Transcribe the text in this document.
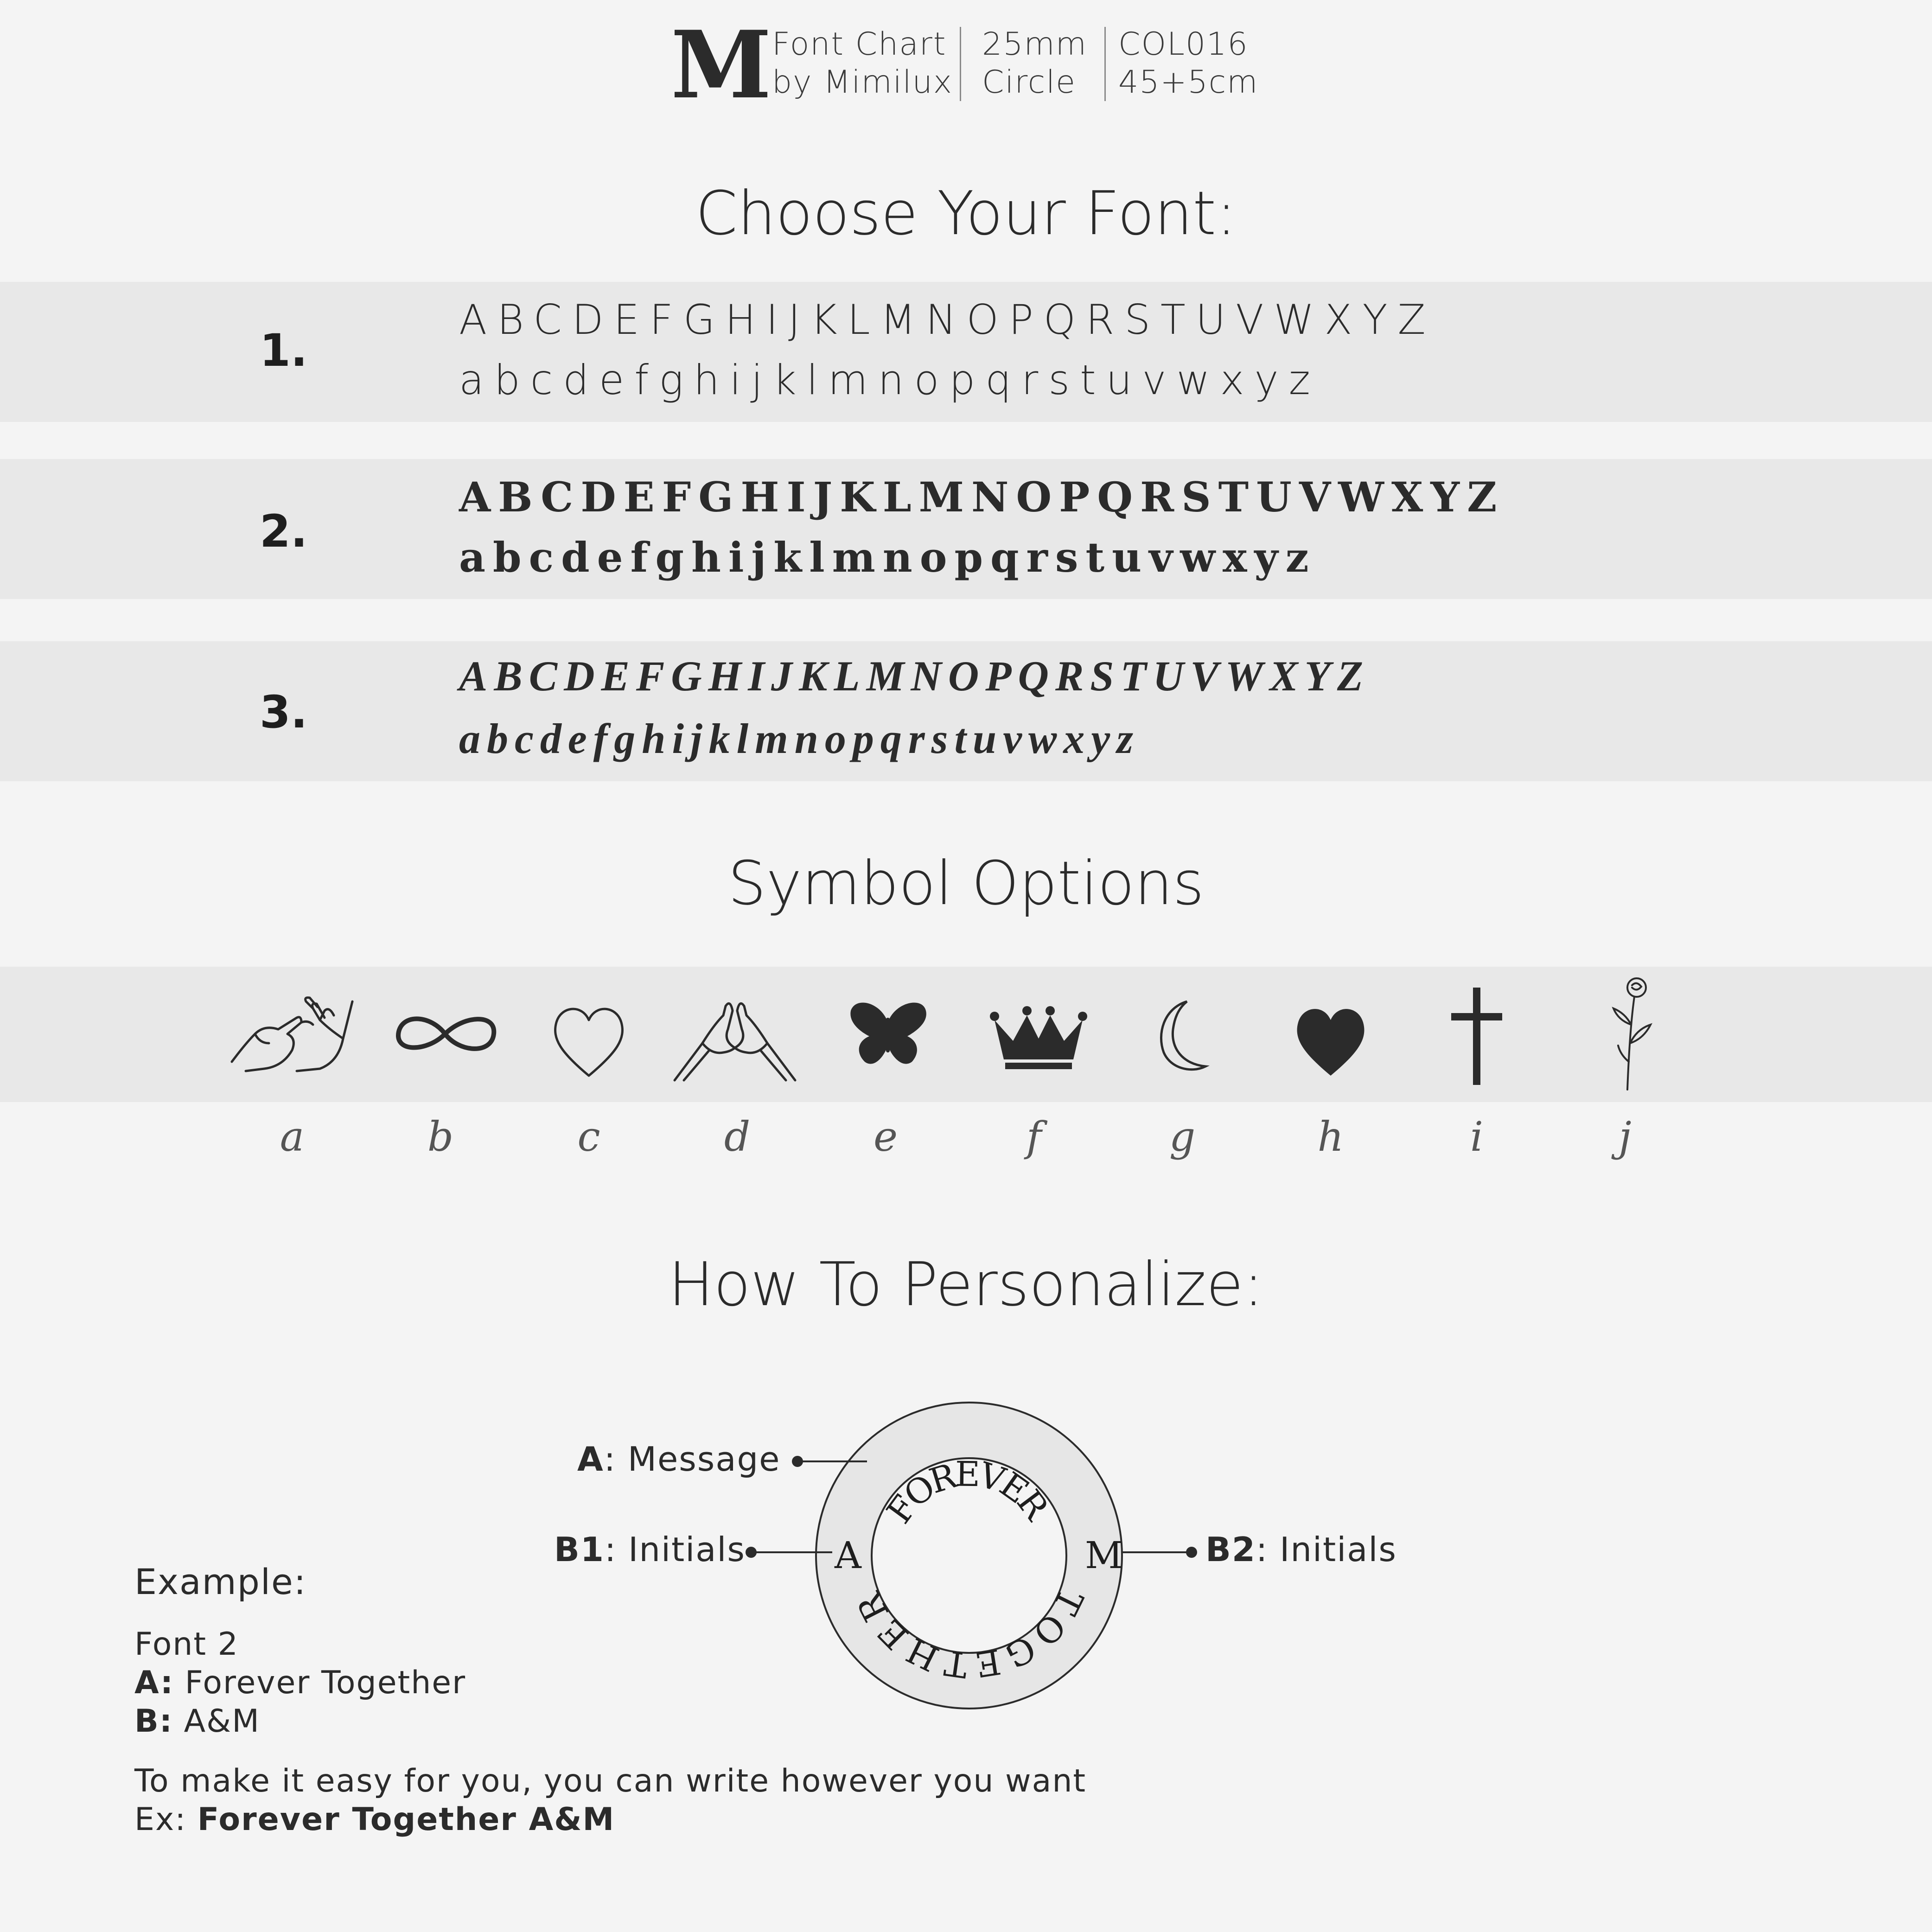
M Font Chart
by Mimilux
25mm
Circle
COL016
45+5cm
Choose Your Font:
1.
ABCDEFGHIJKLMNOPQRSTUVWXYZ
abcdefghijklmnopqrstuvwxyz
2.
ABCDEFGHIJKLMNOPQRSTUVWXYZ
abcdefghijklmnopqrstuvwxyz
3.
ABCDEFGHIJKLMNOPQRSTUVWXYZ
abcdefghijklmnopqrstuvwxyz
Symbol Options
a	b	c	d	e	f	g	h	i	j
How To Personalize:
FOREVER
TOGETHER
A	M
A: Message
B1: Initials	B2: Initials
Example:
Font 2
A: Forever Together
B: A&M
To make it easy for you, you can write however you want
Ex: Forever Together A&M
